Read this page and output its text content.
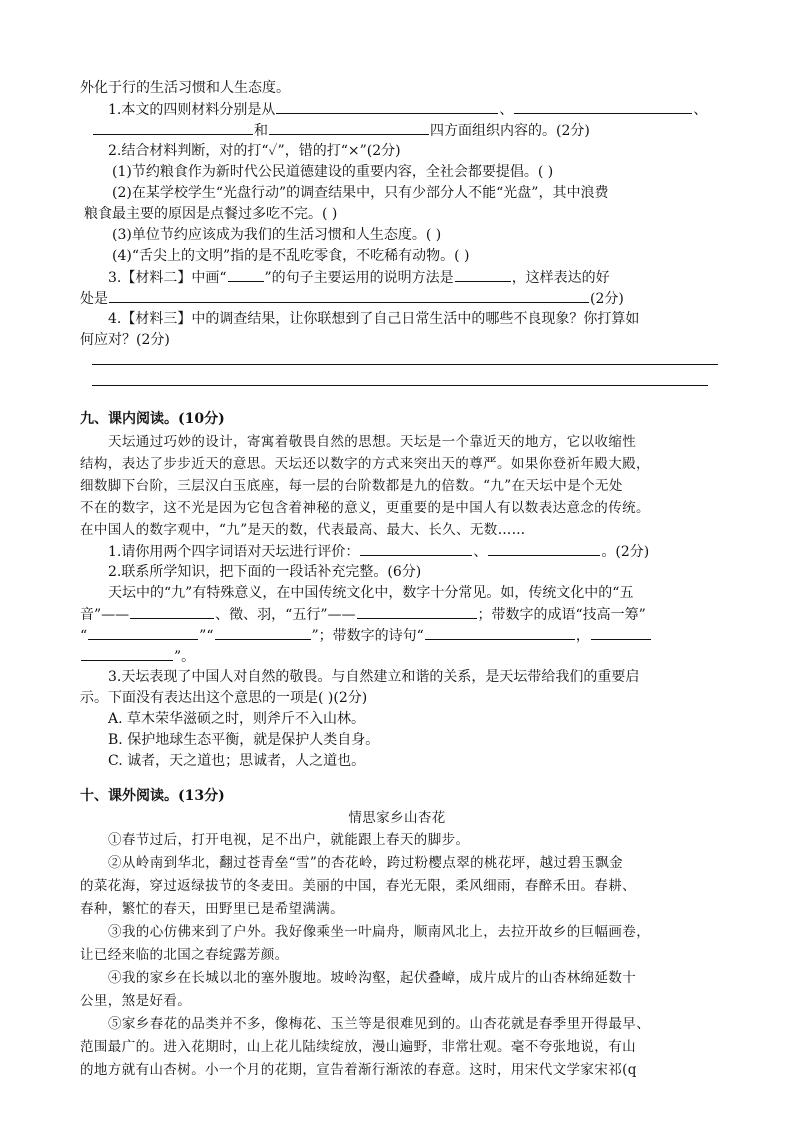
外化于行的生活习惯和人生态度。
1.本文的四则材料分别是从	、	、
和	四方面组织内容的。(2分)
2.结合材料判断，对的打“✓”，错的打“×”(2分)
(1)节约粮食作为新时代公民道德建设的重要内容，全社会都要提倡。( )
(2)在某学校学生“光盘行动”的调查结果中，只有少部分人不能“光盘”，其中浪费
粮食最主要的原因是点餐过多吃不完。( )
(3)单位节约应该成为我们的生活习惯和人生态度。( )
(4)“舌尖上的文明”指的是不乱吃零食，不吃稀有动物。( )
3.【材料二】中画“	”的句子主要运用的说明方法是	，这样表达的好
处是	(2分)
4.【材料三】中的调查结果，让你联想到了自己日常生活中的哪些不良现象？你打算如
何应对？(2分)
九、课内阅读。(10分)
天坛通过巧妙的设计，寄寓着敬畏自然的思想。天坛是一个靠近天的地方，它以收缩性
结构，表达了步步近天的意思。天坛还以数字的方式来突出天的尊严。如果你登祈年殿大殿，
细数脚下台阶，三层汉白玉底座，每一层的台阶数都是九的倍数。“九”在天坛中是个无处
不在的数字，这不光是因为它包含着神秘的意义，更重要的是中国人有以数表达意念的传统。
在中国人的数字观中，“九”是天的数，代表最高、最大、长久、无数……
1.请你用两个四字词语对天坛进行评价：	、	。(2分)
2.联系所学知识，把下面的一段话补充完整。(6分)
天坛中的“九”有特殊意义，在中国传统文化中，数字十分常见。如，传统文化中的“五
音”——	、徵、羽，“五行”——	；带数字的成语“技高一筹”
“	”“	”；带数字的诗句“	，
”。
3.天坛表现了中国人对自然的敬畏。与自然建立和谐的关系，是天坛带给我们的重要启
示。下面没有表达出这个意思的一项是( )(2分)
A. 草木荣华滋硕之时，则斧斤不入山林。
B. 保护地球生态平衡，就是保护人类自身。
C. 诚者，天之道也；思诚者，人之道也。
十、课外阅读。(13分)
情思家乡山杏花
①春节过后，打开电视，足不出户，就能跟上春天的脚步。
②从岭南到华北，翻过苍青垒“雪”的杏花岭，跨过粉樱点翠的桃花坪，越过碧玉飘金
的菜花海，穿过返绿拔节的冬麦田。美丽的中国，春光无限，柔风细雨，春醉禾田。春耕、
春种，繁忙的春天，田野里已是希望满满。
③我的心仿佛来到了户外。我好像乘坐一叶扁舟，顺南风北上，去拉开故乡的巨幅画卷，
让已经来临的北国之春绽露芳颜。
④我的家乡在长城以北的塞外腹地。坡岭沟壑，起伏叠嶂，成片成片的山杏林绵延数十
公里，煞是好看。
⑤家乡春花的品类并不多，像梅花、玉兰等是很难见到的。山杏花就是春季里开得最早、
范围最广的。进入花期时，山上花儿陆续绽放，漫山遍野，非常壮观。毫不夸张地说，有山
的地方就有山杏树。小一个月的花期，宣告着渐行渐浓的春意。这时，用宋代文学家宋祁(q
